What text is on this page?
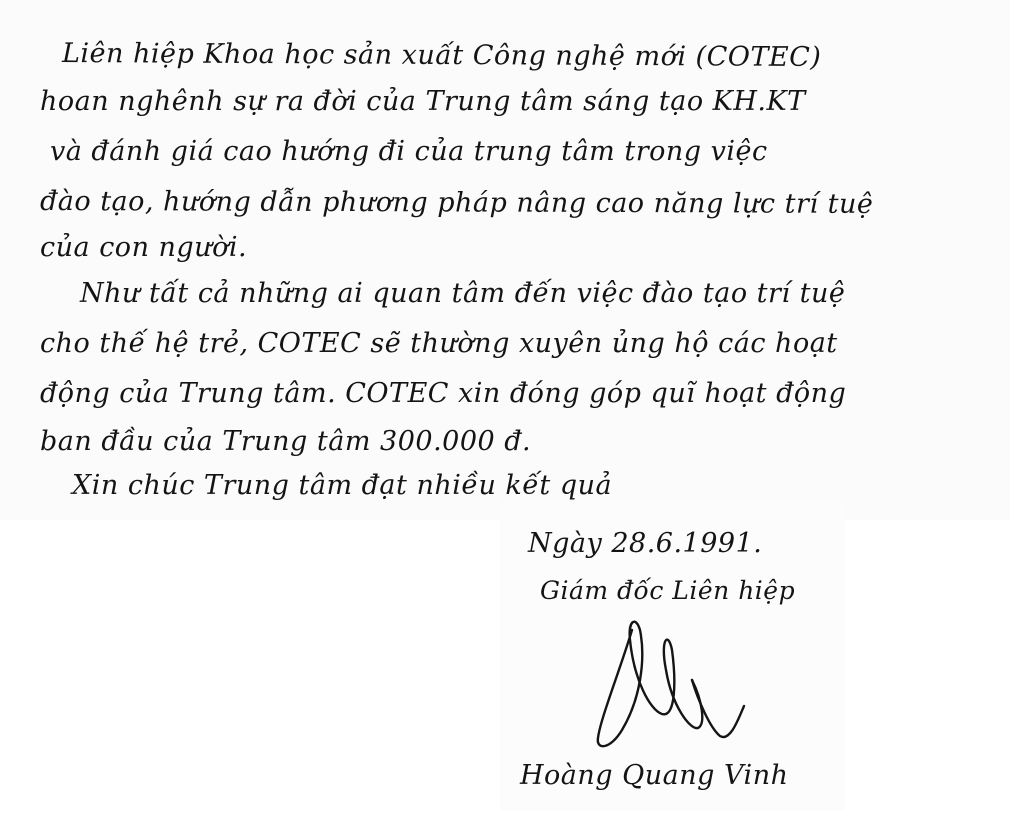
Liên hiệp Khoa học sản xuất Công nghệ mới (COTEC)
hoan nghênh sự ra đời của Trung tâm sáng tạo KH.KT
và đánh giá cao hướng đi của trung tâm trong việc
đào tạo, hướng dẫn phương pháp nâng cao năng lực trí tuệ
của con người.
Như tất cả những ai quan tâm đến việc đào tạo trí tuệ
cho thế hệ trẻ, COTEC sẽ thường xuyên ủng hộ các hoạt
động của Trung tâm. COTEC xin đóng góp quĩ hoạt động
ban đầu của Trung tâm 300.000 đ.
Xin chúc Trung tâm đạt nhiều kết quả
Ngày 28.6.1991.
Giám đốc Liên hiệp
Hoàng Quang Vinh
